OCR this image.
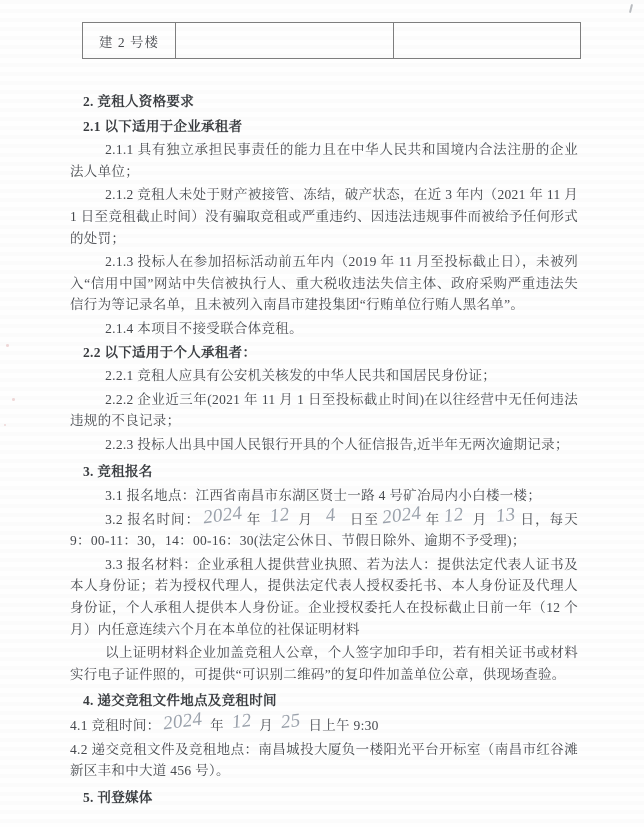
建 2 号楼		

2. 竞租人资格要求

2.1 以下适用于企业承租者

2.1.1 具有独立承担民事责任的能力且在中华人民共和国境内合法注册的企业法人单位；

2.1.2 竞租人未处于财产被接管、冻结，破产状态，在近 3 年内（2021 年 11 月 1 日至竞租截止时间）没有骗取竞租或严重违约、因违法违规事件而被给予任何形式的处罚；

2.1.3 投标人在参加招标活动前五年内（2019 年 11 月至投标截止日），未被列入“信用中国”网站中失信被执行人、重大税收违法失信主体、政府采购严重违法失信行为等记录名单，且未被列入南昌市建投集团“行贿单位行贿人黑名单”。

2.1.4 本项目不接受联合体竞租。

2.2 以下适用于个人承租者：

2.2.1 竞租人应具有公安机关核发的中华人民共和国居民身份证；

2.2.2 企业近三年(2021 年 11 月 1 日至投标截止时间)在以往经营中无任何违法违规的不良记录；

2.2.3 投标人出具中国人民银行开具的个人征信报告,近半年无两次逾期记录；

3. 竞租报名

3.1 报名地点：江西省南昌市东湖区贤士一路 4 号矿冶局内小白楼一楼；

3.2 报名时间： 2024 年 12 月 4 日至 2024 年 12 月 13 日，每天 9：00-11：30，14：00-16：30(法定公休日、节假日除外、逾期不予受理)；

3.3 报名材料：企业承租人提供营业执照、若为法人：提供法定代表人证书及本人身份证；若为授权代理人，提供法定代表人授权委托书、本人身份证及代理人身份证，个人承租人提供本人身份证。企业授权委托人在投标截止日前一年（12 个月）内任意连续六个月在本单位的社保证明材料

以上证明材料企业加盖竞租人公章，个人签字加印手印，若有相关证书或材料实行电子证件照的，可提供“可识别二维码”的复印件加盖单位公章，供现场查验。

4. 递交竞租文件地点及竞租时间

4.1 竞租时间： 2024 年 12 月 25 日上午 9:30

4.2 递交竞租文件及竞租地点：南昌城投大厦负一楼阳光平台开标室（南昌市红谷滩新区丰和中大道 456 号）。

5. 刊登媒体
